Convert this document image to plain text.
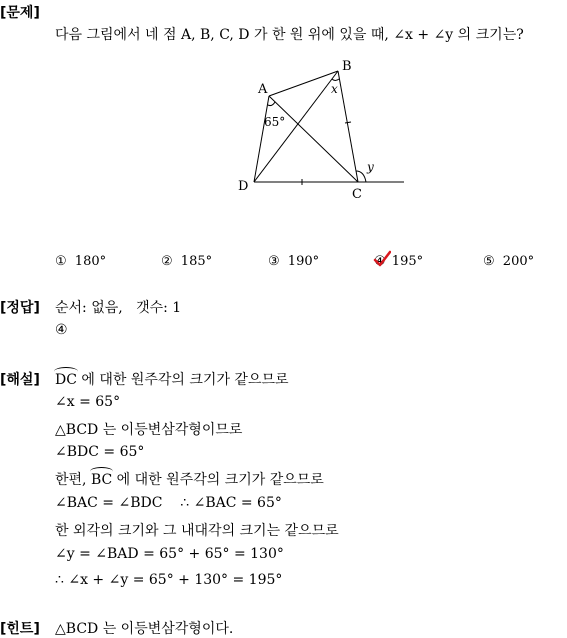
[문제]
다음 그림에서 네 점 A, B, C, D 가 한 원 위에 있을 때, ∠x + ∠y 의 크기는?
A
B
C
D
x
y
65°
① 180°	② 185°	③ 190°	④ 195°	⑤ 200°
[정답] 순서: 없음,   갯수: 1
④
[해설] DC 에 대한 원주각의 크기가 같으므로
∠x = 65°
△BCD 는 이등변삼각형이므로
∠BDC = 65°
한편, BC 에 대한 원주각의 크기가 같으므로
∠BAC = ∠BDC    ∴ ∠BAC = 65°
한 외각의 크기와 그 내대각의 크기는 같으므로
∠y = ∠BAD = 65° + 65° = 130°
∴ ∠x + ∠y = 65° + 130° = 195°
[힌트] △BCD 는 이등변삼각형이다.
